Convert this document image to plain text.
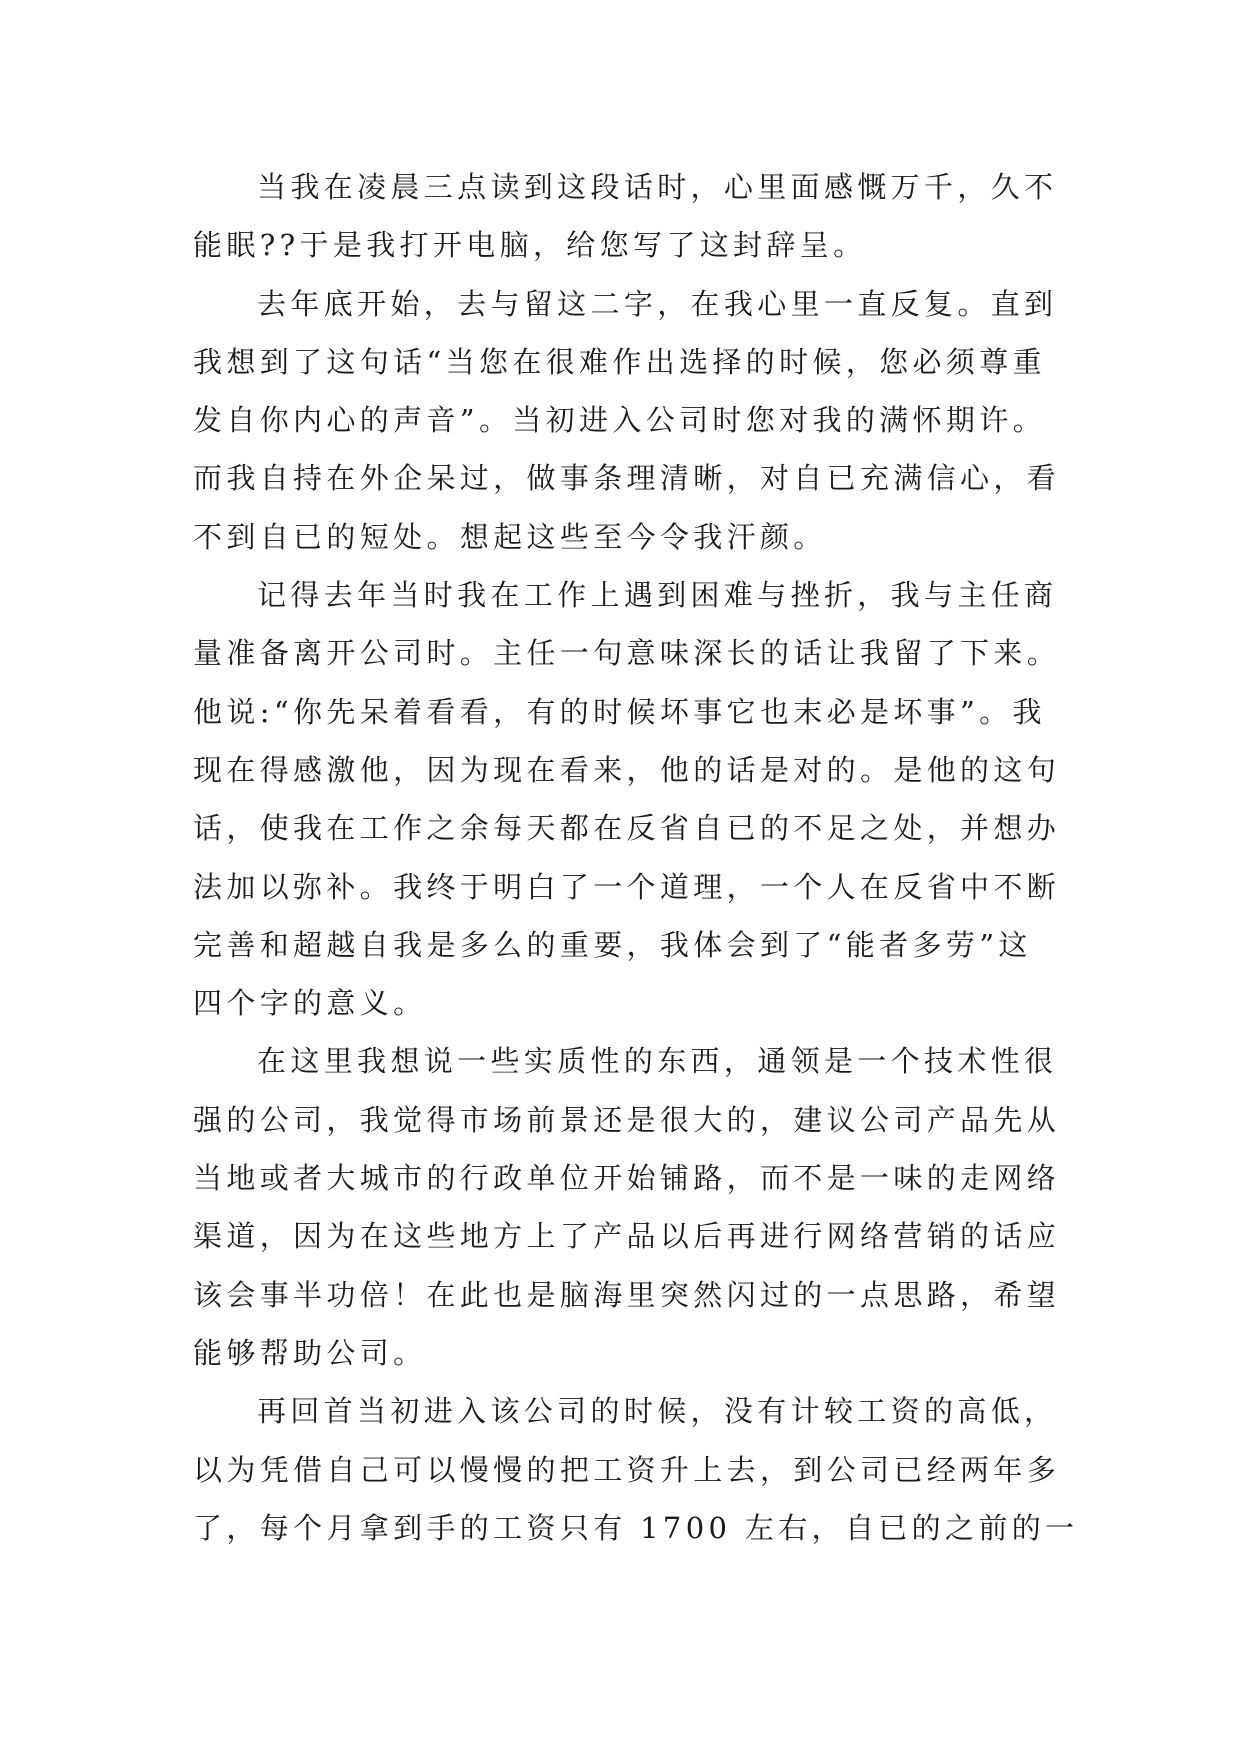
当我在凌晨三点读到这段话时，心里面感慨万千，久不
能眠??于是我打开电脑，给您写了这封辞呈。
去年底开始，去与留这二字，在我心里一直反复。直到
我想到了这句话“当您在很难作出选择的时候，您必须尊重
发自你内心的声音”。当初进入公司时您对我的满怀期许。
而我自持在外企呆过，做事条理清晰，对自已充满信心，看
不到自已的短处。想起这些至今令我汗颜。
记得去年当时我在工作上遇到困难与挫折，我与主任商
量准备离开公司时。主任一句意味深长的话让我留了下来。
他说:“你先呆着看看，有的时候坏事它也末必是坏事”。我
现在得感激他，因为现在看来，他的话是对的。是他的这句
话，使我在工作之余每天都在反省自已的不足之处，并想办
法加以弥补。我终于明白了一个道理，一个人在反省中不断
完善和超越自我是多么的重要，我体会到了“能者多劳”这
四个字的意义。
在这里我想说一些实质性的东西，通领是一个技术性很
强的公司，我觉得市场前景还是很大的，建议公司产品先从
当地或者大城市的行政单位开始铺路，而不是一味的走网络
渠道，因为在这些地方上了产品以后再进行网络营销的话应
该会事半功倍！在此也是脑海里突然闪过的一点思路，希望
能够帮助公司。
再回首当初进入该公司的时候，没有计较工资的高低，
以为凭借自己可以慢慢的把工资升上去，到公司已经两年多
了，每个月拿到手的工资只有 1700 左右，自已的之前的一
